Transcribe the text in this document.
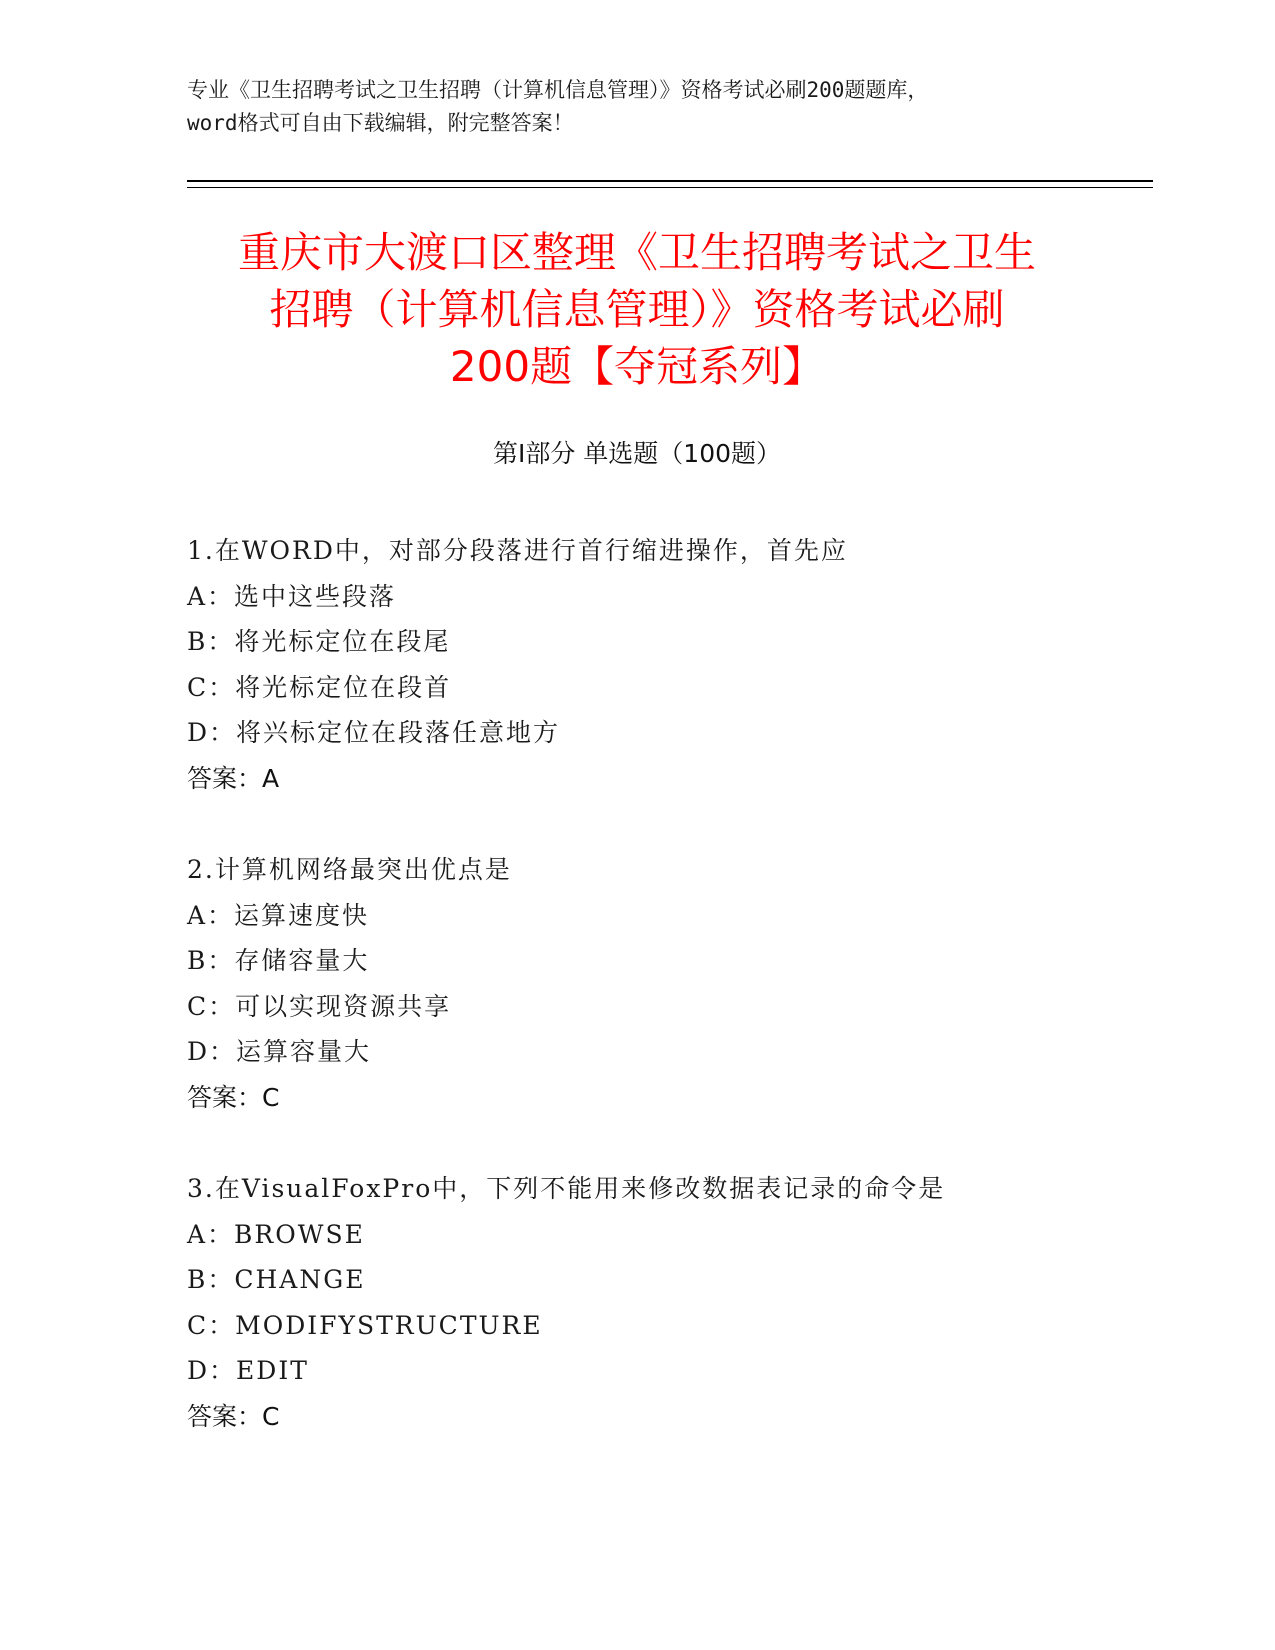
专业《卫生招聘考试之卫生招聘（计算机信息管理）》资格考试必刷200题题库，
word格式可自由下载编辑，附完整答案！
重庆市大渡口区整理《卫生招聘考试之卫生
招聘（计算机信息管理）》资格考试必刷
200题【夺冠系列】
第Ⅰ部分 单选题（100题）
1.在WORD中，对部分段落进行首行缩进操作，首先应
A：选中这些段落
B：将光标定位在段尾
C：将光标定位在段首
D：将兴标定位在段落任意地方
答案：A
2.计算机网络最突出优点是
A：运算速度快
B：存储容量大
C：可以实现资源共享
D：运算容量大
答案：C
3.在VisualFoxPro中，下列不能用来修改数据表记录的命令是
A：BROWSE
B：CHANGE
C：MODIFYSTRUCTURE
D：EDIT
答案：C
